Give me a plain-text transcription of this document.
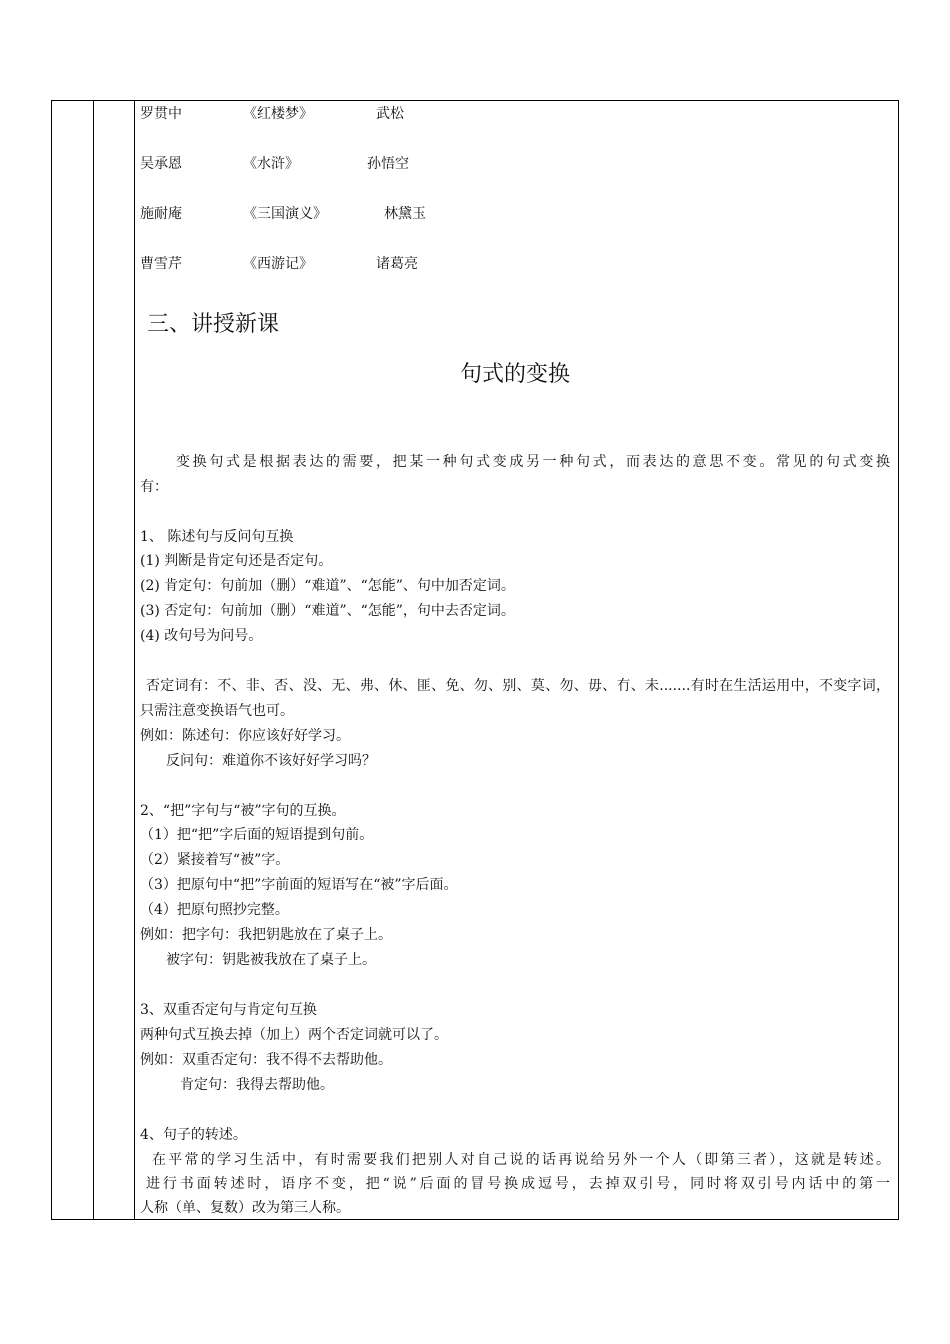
罗贯中	《红楼梦》	武松
吴承恩	《水浒》	孙悟空
施耐庵	《三国演义》	林黛玉
曹雪芹	《西游记》	诸葛亮
三、讲授新课
句式的变换
变换句式是根据表达的需要，把某一种句式变成另一种句式，而表达的意思不变。常见的句式变换
有：
1、 陈述句与反问句互换
(1) 判断是肯定句还是否定句。
(2) 肯定句：句前加（删）“难道”、“怎能”、句中加否定词。
(3) 否定句：句前加（删）“难道”、“怎能”，句中去否定词。
(4) 改句号为问号。
否定词有：不、非、否、没、无、弗、休、匪、免、勿、别、莫、勿、毋、冇、未.......有时在生活运用中，不变字词，
只需注意变换语气也可。
例如：陈述句：你应该好好学习。
反问句：难道你不该好好学习吗？
2、“把”字句与“被”字句的互换。
（1）把“把”字后面的短语提到句前。
（2）紧接着写“被”字。
（3）把原句中“把”字前面的短语写在“被”字后面。
（4）把原句照抄完整。
例如：把字句：我把钥匙放在了桌子上。
被字句：钥匙被我放在了桌子上。
3、双重否定句与肯定句互换
两种句式互换去掉（加上）两个否定词就可以了。
例如：双重否定句：我不得不去帮助他。
肯定句：我得去帮助他。
4、句子的转述。
在平常的学习生活中，有时需要我们把别人对自己说的话再说给另外一个人（即第三者），这就是转述。
进行书面转述时，语序不变，把“说”后面的冒号换成逗号，去掉双引号，同时将双引号内话中的第一
人称（单、复数）改为第三人称。
